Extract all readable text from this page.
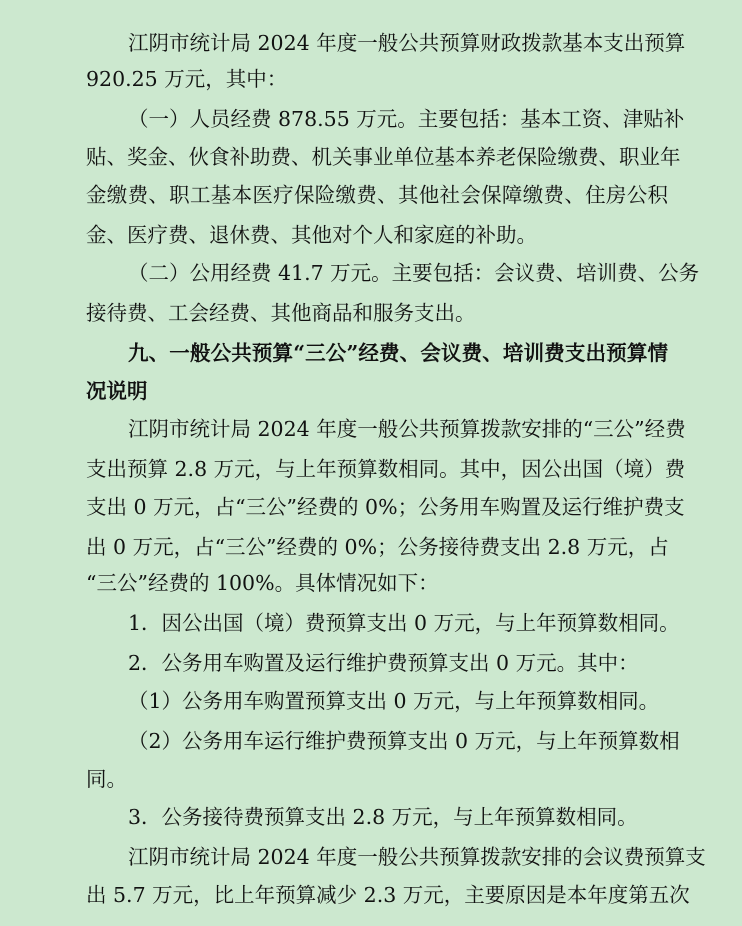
江阴市统计局 2024 年度一般公共预算财政拨款基本支出预算
920.25 万元，其中：
（一）人员经费 878.55 万元。主要包括：基本工资、津贴补
贴、奖金、伙食补助费、机关事业单位基本养老保险缴费、职业年
金缴费、职工基本医疗保险缴费、其他社会保障缴费、住房公积
金、医疗费、退休费、其他对个人和家庭的补助。
（二）公用经费 41.7 万元。主要包括：会议费、培训费、公务
接待费、工会经费、其他商品和服务支出。
九、一般公共预算“三公”经费、会议费、培训费支出预算情
况说明
江阴市统计局 2024 年度一般公共预算拨款安排的“三公”经费
支出预算 2.8 万元，与上年预算数相同。其中，因公出国（境）费
支出 0 万元，占“三公”经费的 0%；公务用车购置及运行维护费支
出 0 万元，占“三公”经费的 0%；公务接待费支出 2.8 万元，占
“三公”经费的 100%。具体情况如下：
1．因公出国（境）费预算支出 0 万元，与上年预算数相同。
2．公务用车购置及运行维护费预算支出 0 万元。其中：
（1）公务用车购置预算支出 0 万元，与上年预算数相同。
（2）公务用车运行维护费预算支出 0 万元，与上年预算数相
同。
3．公务接待费预算支出 2.8 万元，与上年预算数相同。
江阴市统计局 2024 年度一般公共预算拨款安排的会议费预算支
出 5.7 万元，比上年预算减少 2.3 万元，主要原因是本年度第五次
